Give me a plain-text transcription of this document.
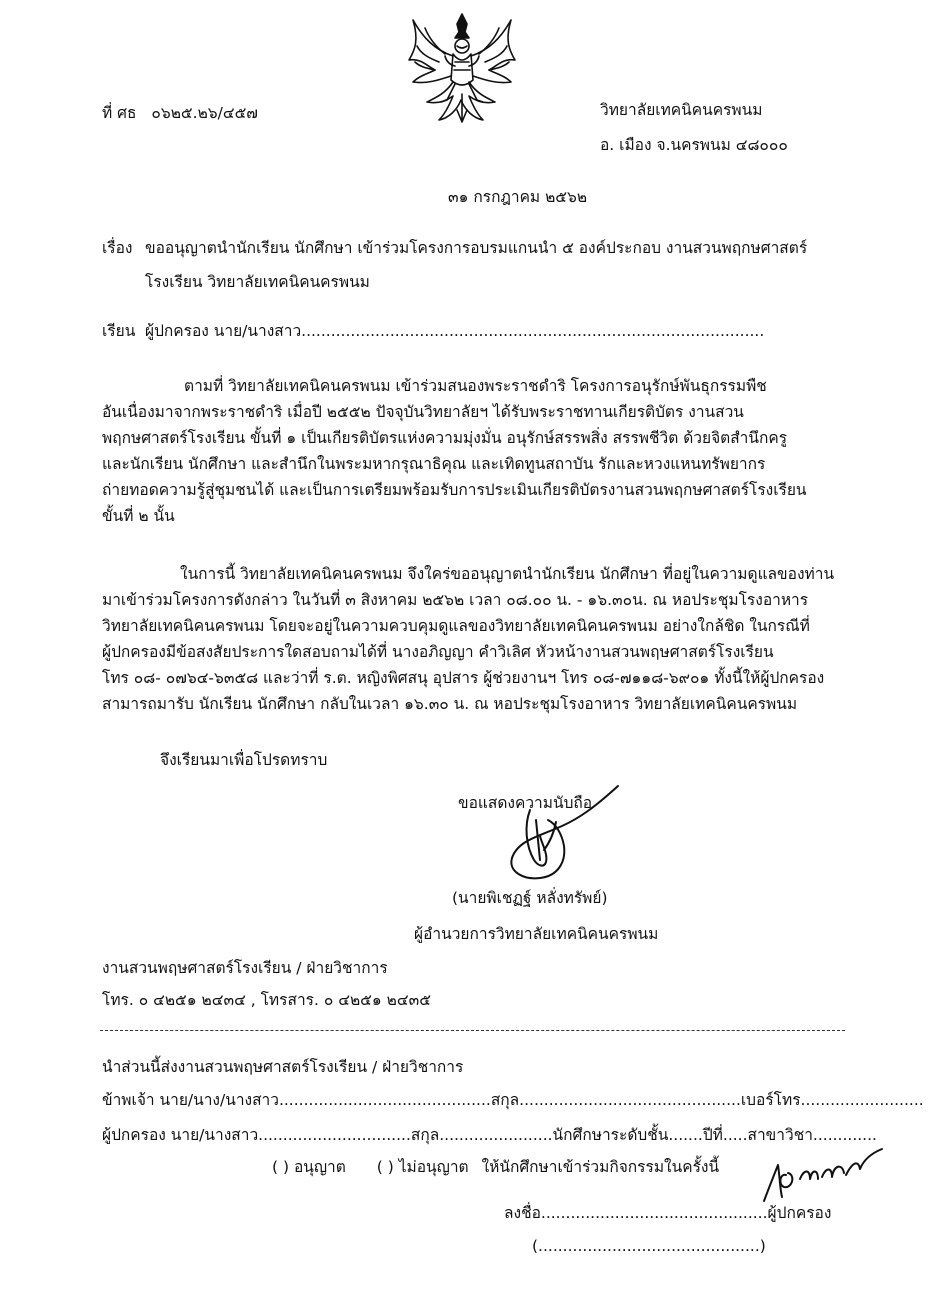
ที่ ศธ ๐๖๒๕.๒๖/๔๕๗	วิทยาลัยเทคนิคนครพนม
อ. เมือง จ.นครพนม ๔๘๐๐๐
๓๑ กรกฎาคม ๒๕๖๒
เรื่อง ขออนุญาตนำนักเรียน นักศึกษา เข้าร่วมโครงการอบรมแกนนำ ๕ องค์ประกอบ งานสวนพฤกษศาสตร์
โรงเรียน วิทยาลัยเทคนิคนครพนม
เรียน ผู้ปกครอง นาย/นางสาว..............................................................................................
ตามที่ วิทยาลัยเทคนิคนครพนม เข้าร่วมสนองพระราชดำริ โครงการอนุรักษ์พันธุกรรมพืช
อันเนื่องมาจากพระราชดำริ เมื่อปี ๒๕๕๒ ปัจจุบันวิทยาลัยฯ ได้รับพระราชทานเกียรติบัตร งานสวน
พฤกษศาสตร์โรงเรียน ขั้นที่ ๑ เป็นเกียรติบัตรแห่งความมุ่งมั่น อนุรักษ์สรรพสิ่ง สรรพชีวิต ด้วยจิตสำนึกครู
และนักเรียน นักศึกษา และสำนึกในพระมหากรุณาธิคุณ และเทิดทูนสถาบัน รักและหวงแหนทรัพยากร
ถ่ายทอดความรู้สู่ชุมชนได้ และเป็นการเตรียมพร้อมรับการประเมินเกียรติบัตรงานสวนพฤกษศาสตร์โรงเรียน
ขั้นที่ ๒ นั้น
ในการนี้ วิทยาลัยเทคนิคนครพนม จึงใคร่ขออนุญาตนำนักเรียน นักศึกษา ที่อยู่ในความดูแลของท่าน
มาเข้าร่วมโครงการดังกล่าว ในวันที่ ๓ สิงหาคม ๒๕๖๒ เวลา ๐๘.๐๐ น. - ๑๖.๓๐น. ณ หอประชุมโรงอาหาร
วิทยาลัยเทคนิคนครพนม โดยจะอยู่ในความควบคุมดูแลของวิทยาลัยเทคนิคนครพนม อย่างใกล้ชิด ในกรณีที่
ผู้ปกครองมีข้อสงสัยประการใดสอบถามได้ที่ นางอภิญญา คำวิเลิศ หัวหน้างานสวนพฤษศาสตร์โรงเรียน
โทร ๐๘- ๐๗๖๔-๖๓๕๘ และว่าที่ ร.ต. หญิงพิศสนุ อุปสาร ผู้ช่วยงานฯ โทร ๐๘-๗๑๑๘-๖๙๐๑ ทั้งนี้ให้ผู้ปกครอง
สามารถมารับ นักเรียน นักศึกษา กลับในเวลา ๑๖.๓๐ น. ณ หอประชุมโรงอาหาร วิทยาลัยเทคนิคนครพนม
จึงเรียนมาเพื่อโปรดทราบ
ขอแสดงความนับถือ
(นายพิเชฏฐ์ หลั่งทรัพย์)
ผู้อำนวยการวิทยาลัยเทคนิคนครพนม
งานสวนพฤษศาสตร์โรงเรียน / ฝ่ายวิชาการ
โทร. ๐ ๔๒๕๑ ๒๔๓๔ , โทรสาร. ๐ ๔๒๕๑ ๒๔๓๕
นำส่วนนี้ส่งงานสวนพฤษศาสตร์โรงเรียน / ฝ่ายวิชาการ
ข้าพเจ้า นาย/นาง/นางสาว...........................................สกุล.............................................เบอร์โทร.........................
ผู้ปกครอง นาย/นางสาว...............................สกุล.......................นักศึกษาระดับชั้น.......ปีที่.....สาขาวิชา.............
( ) อนุญาต ( ) ไม่อนุญาต ให้นักศึกษาเข้าร่วมกิจกรรมในครั้งนี้
ลงชื่อ..............................................ผู้ปกครอง
(.............................................)
